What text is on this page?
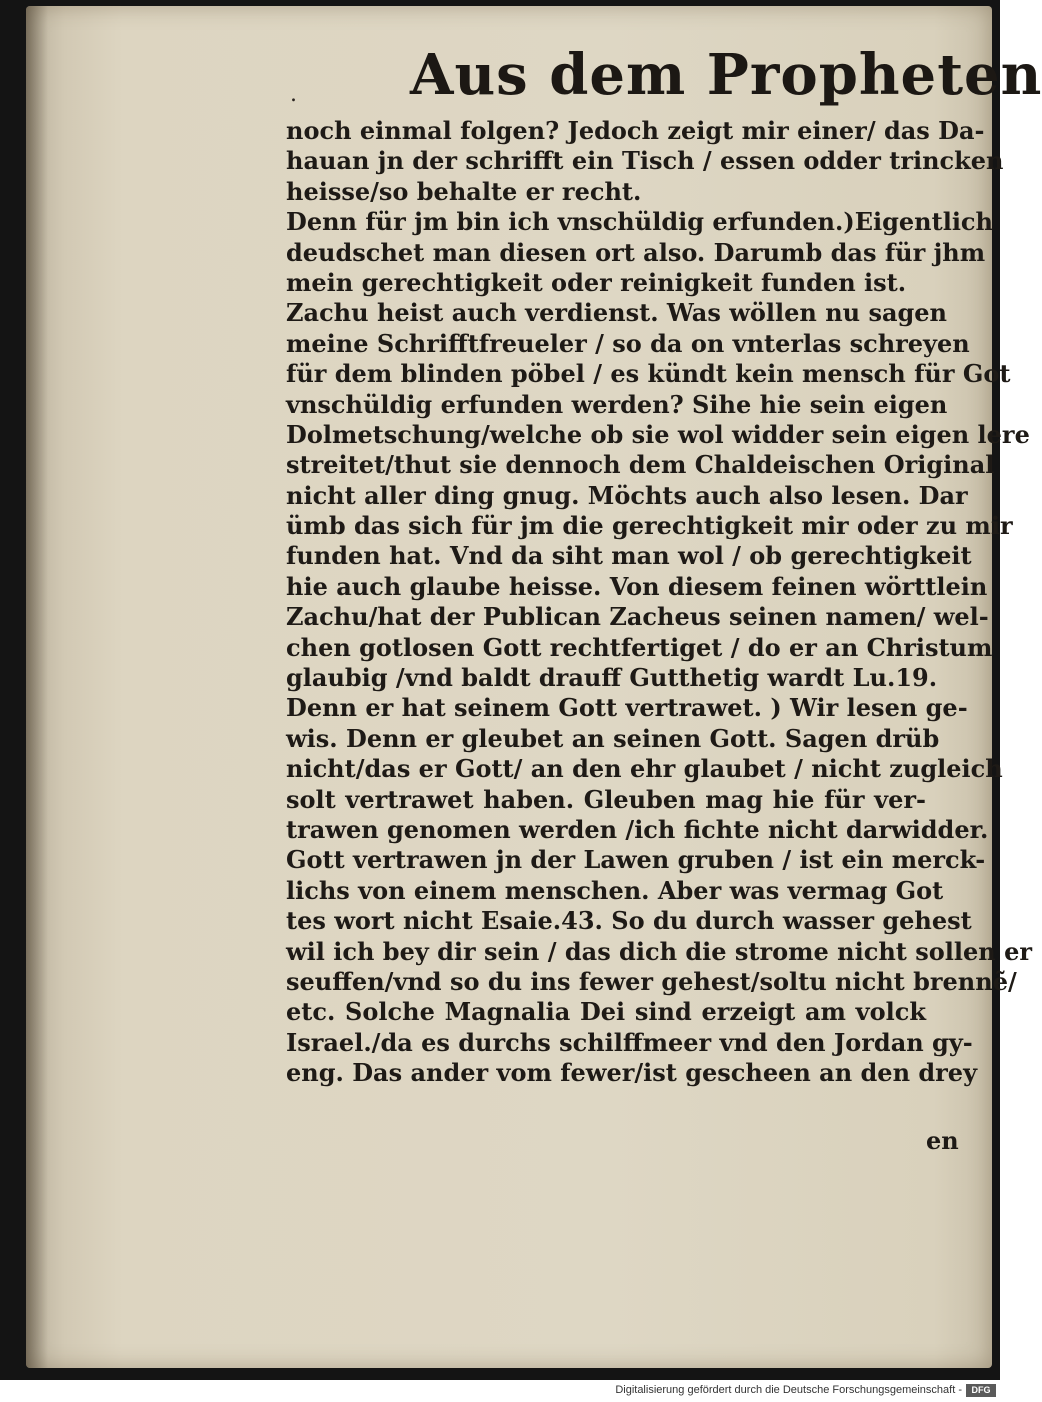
. Aus dem Propheten
noch einmal folgen? Jedoch zeigt mir einer/ das Da-
hauan jn der schrifft ein Tisch / essen odder trincken
heisse/so behalte er recht.
Denn für jm bin ich vnschüldig erfunden.)Eigentlich
deudschet man diesen ort also. Darumb das für jhm
mein gerechtigkeit oder reinigkeit funden ist.
Zachu heist auch verdienst. Was wöllen nu sagen
meine Schrifftfreueler / so da on vnterlas schreyen
für dem blinden pöbel / es kündt kein mensch für Got
vnschüldig erfunden werden? Sihe hie sein eigen
Dolmetschung/welche ob sie wol widder sein eigen lere
streitet/thut sie dennoch dem Chaldeischen Original
nicht aller ding gnug. Möchts auch also lesen. Dar
ümb das sich für jm die gerechtigkeit mir oder zu mir
funden hat. Vnd da siht man wol / ob gerechtigkeit
hie auch glaube heisse. Von diesem feinen wörttlein
Zachu/hat der Publican Zacheus seinen namen/ wel-
chen gotlosen Gott rechtfertiget / do er an Christum
glaubig /vnd baldt drauff Gutthetig wardt Lu.19.
Denn er hat seinem Gott vertrawet. ) Wir lesen ge-
wis. Denn er gleubet an seinen Gott. Sagen drüb
nicht/das er Gott/ an den ehr glaubet / nicht zugleich
solt vertrawet haben. Gleuben mag hie für ver-
trawen genomen werden /ich fichte nicht darwidder.
Gott vertrawen jn der Lawen gruben / ist ein merck-
lichs von einem menschen. Aber was vermag Got
tes wort nicht Esaie.43. So du durch wasser gehest
wil ich bey dir sein / das dich die strome nicht sollen er
seuffen/vnd so du ins fewer gehest/soltu nicht brennẽ/
etc. Solche Magnalia Dei sind erzeigt am volck
Israel./da es durchs schilffmeer vnd den Jordan gy-
eng. Das ander vom fewer/ist gescheen an den drey
en
Digitalisierung gefördert durch die Deutsche Forschungsgemeinschaft -	DFG
